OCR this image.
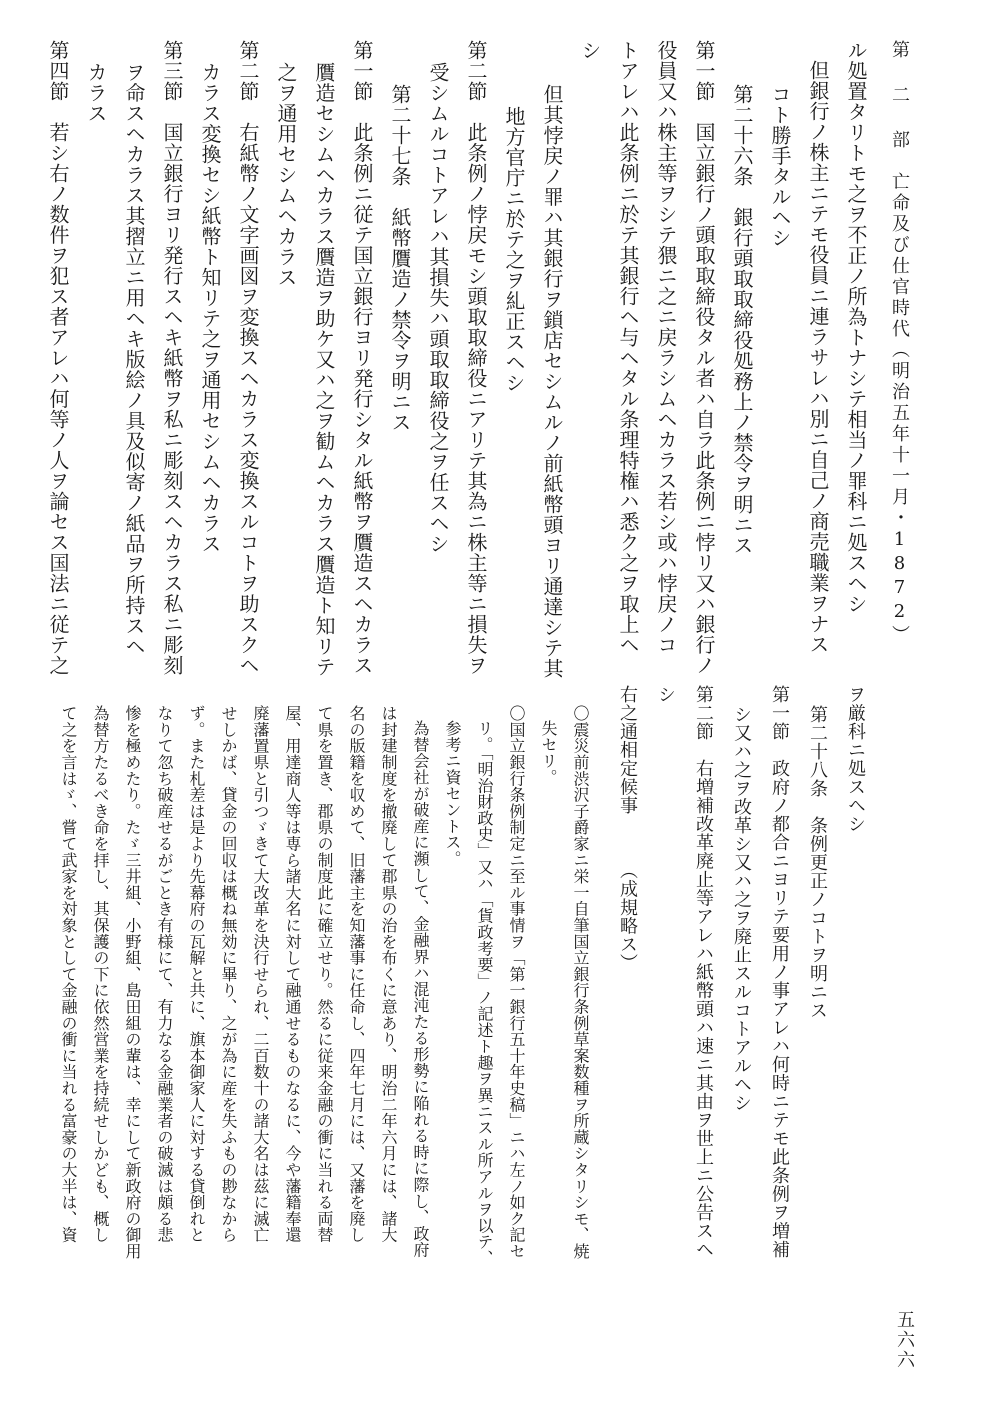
第 二 部　亡命及び仕官時代（明治五年十一月・1872）
五六六
ル処置タリトモ之ヲ不正ノ所為トナシテ相当ノ罪科ニ処スヘシ
但銀行ノ株主ニテモ役員ニ連ラサレハ別ニ自己ノ商売職業ヲナス
コト勝手タルヘシ
第二十六条　銀行頭取取締役処務上ノ禁令ヲ明ニス
第一節　国立銀行ノ頭取取締役タル者ハ自ラ此条例ニ悖リ又ハ銀行ノ
役員又ハ株主等ヲシテ猥ニ之ニ戻ラシムヘカラス若シ或ハ悖戻ノコ
トアレハ此条例ニ於テ其銀行ヘ与ヘタル条理特権ハ悉ク之ヲ取上ヘ
シ
但其悖戻ノ罪ハ其銀行ヲ鎖店セシムルノ前紙幣頭ヨリ通達シテ其
地方官庁ニ於テ之ヲ糺正スヘシ
第二節　此条例ノ悖戻モシ頭取取締役ニアリテ其為ニ株主等ニ損失ヲ
受シムルコトアレハ其損失ハ頭取取締役之ヲ任スヘシ
第二十七条　紙幣贋造ノ禁令ヲ明ニス
第一節　此条例ニ従テ国立銀行ヨリ発行シタル紙幣ヲ贋造スヘカラス
贋造セシムヘカラス贋造ヲ助ケ又ハ之ヲ勧ムヘカラス贋造ト知リテ
之ヲ通用セシムヘカラス
第二節　右紙幣ノ文字画図ヲ変換スヘカラス変換スルコトヲ助スクヘ
カラス変換セシ紙幣ト知リテ之ヲ通用セシムヘカラス
第三節　国立銀行ヨリ発行スヘキ紙幣ヲ私ニ彫刻スヘカラス私ニ彫刻
ヲ命スヘカラス其摺立ニ用ヘキ版絵ノ具及似寄ノ紙品ヲ所持スヘ
カラス
第四節　若シ右ノ数件ヲ犯ス者アレハ何等ノ人ヲ論セス国法ニ従テ之
ヲ厳科ニ処スヘシ
第二十八条　条例更正ノコトヲ明ニス
第一節　政府ノ都合ニヨリテ要用ノ事アレハ何時ニテモ此条例ヲ増補
シ又ハ之ヲ改革シ又ハ之ヲ廃止スルコトアルヘシ
第二節　右増補改革廃止等アレハ紙幣頭ハ速ニ其由ヲ世上ニ公告スヘ
シ
右之通相定候事　　　（成規略ス）
〇震災前渋沢子爵家ニ栄一自筆国立銀行条例草案数種ヲ所蔵シタリシモ、焼
失セリ。
〇国立銀行条例制定ニ至ル事情ヲ「第一銀行五十年史稿」ニハ左ノ如ク記セ
リ。「明治財政史」又ハ「貨政考要」ノ記述ト趣ヲ異ニスル所アルヲ以テ、
参考ニ資セントス。
為替会社が破産に瀕して、金融界ハ混沌たる形勢に陥れる時に際し、政府
は封建制度を撤廃して郡県の治を布くに意あり、明治二年六月には、諸大
名の版籍を収めて、旧藩主を知藩事に任命し、四年七月には、又藩を廃し
て県を置き、郡県の制度此に確立せり。然るに従来金融の衝に当れる両替
屋、用達商人等は専ら諸大名に対して融通せるものなるに、今や藩籍奉還
廃藩置県と引つゞきて大改革を決行せられ、二百数十の諸大名は茲に滅亡
せしかば、貸金の回収は概ね無効に畢り、之が為に産を失ふもの尠なから
ず。また札差は是より先幕府の瓦解と共に、旗本御家人に対する貸倒れと
なりて忽ち破産せるがごとき有様にて、有力なる金融業者の破滅は頗る悲
惨を極めたり。たゞ三井組、小野組、島田組の輩は、幸にして新政府の御用
為替方たるべき命を拝し、其保護の下に依然営業を持続せしかども、概し
て之を言はゞ、嘗て武家を対象として金融の衝に当れる富豪の大半は、資
